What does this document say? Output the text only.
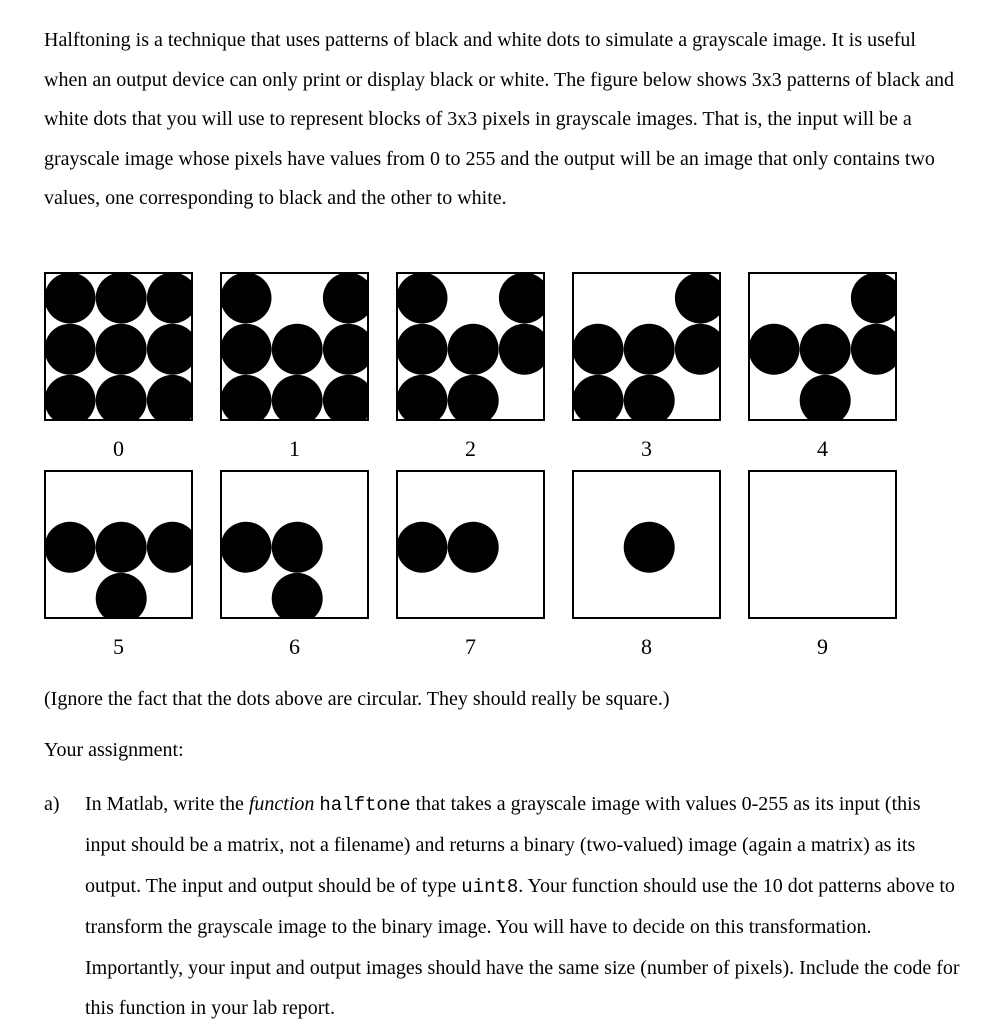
Halftoning is a technique that uses patterns of black and white dots to simulate a grayscale image. It is useful when an output device can only print or display black or white. The figure below shows 3x3 patterns of black and white dots that you will use to represent blocks of 3x3 pixels in grayscale images. That is, the input will be a grayscale image whose pixels have values from 0 to 255 and the output will be an image that only contains two values, one corresponding to black and the other to white.

0	1	2	3	4
5	6	7	8	9

(Ignore the fact that the dots above are circular. They should really be square.)

Your assignment:

a) In Matlab, write the function halftone that takes a grayscale image with values 0-255 as its input (this input should be a matrix, not a filename) and returns a binary (two-valued) image (again a matrix) as its output. The input and output should be of type uint8. Your function should use the 10 dot patterns above to transform the grayscale image to the binary image. You will have to decide on this transformation. Importantly, your input and output images should have the same size (number of pixels). Include the code for this function in your lab report.
